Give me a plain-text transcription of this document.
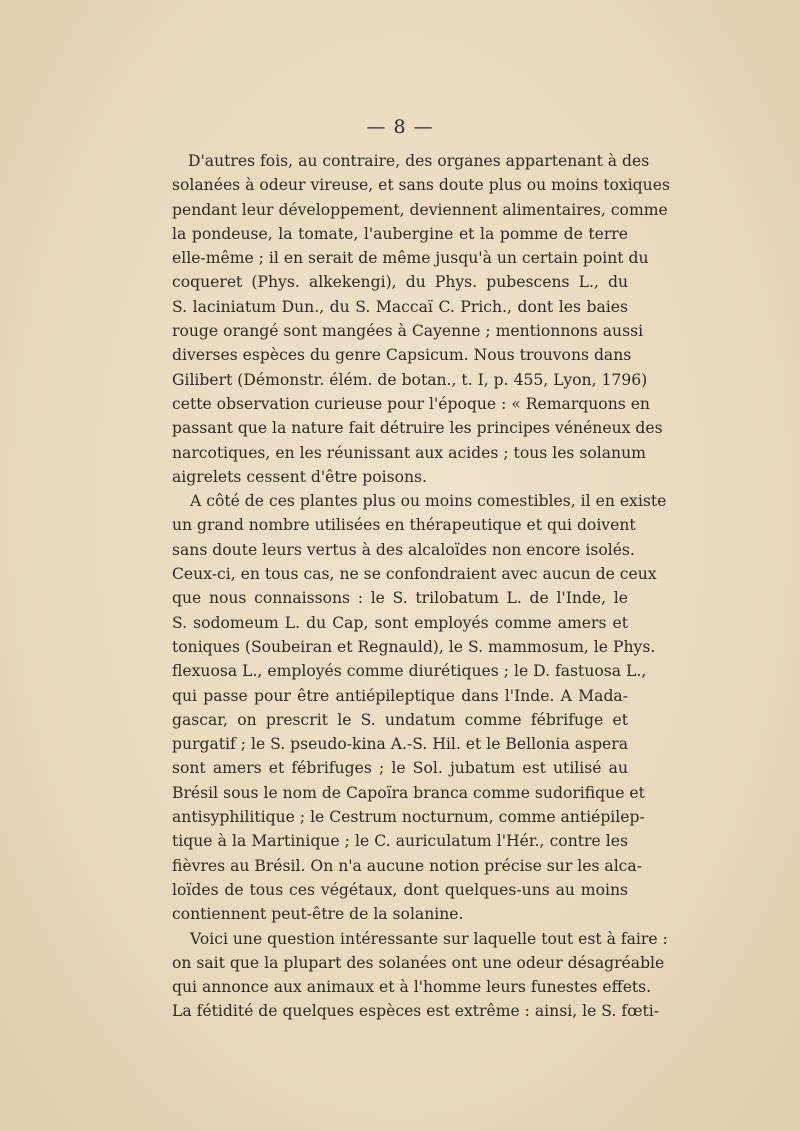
— 8 —
D'autres fois, au contraire, des organes appartenant à des
solanées à odeur vireuse, et sans doute plus ou moins toxiques
pendant leur développement, deviennent alimentaires, comme
la pondeuse, la tomate, l'aubergine et la pomme de terre
elle-même ; il en serait de même jusqu'à un certain point du
coqueret (Phys. alkekengi), du Phys. pubescens L., du
S. laciniatum Dun., du S. Maccaï C. Prich., dont les baies
rouge orangé sont mangées à Cayenne ; mentionnons aussi
diverses espèces du genre Capsicum. Nous trouvons dans
Gilibert (Démonstr. élém. de botan., t. I, p. 455, Lyon, 1796)
cette observation curieuse pour l'époque : « Remarquons en
passant que la nature fait détruire les principes vénéneux des
narcotiques, en les réunissant aux acides ; tous les solanum
aigrelets cessent d'être poisons.
A côté de ces plantes plus ou moins comestibles, il en existe
un grand nombre utilisées en thérapeutique et qui doivent
sans doute leurs vertus à des alcaloïdes non encore isolés.
Ceux-ci, en tous cas, ne se confondraient avec aucun de ceux
que nous connaissons : le S. trilobatum L. de l'Inde, le
S. sodomeum L. du Cap, sont employés comme amers et
toniques (Soubeiran et Regnauld), le S. mammosum, le Phys.
flexuosa L., employés comme diurétiques ; le D. fastuosa L.,
qui passe pour être antiépileptique dans l'Inde. A Mada-
gascar, on prescrit le S. undatum comme fébrifuge et
purgatif ; le S. pseudo-kina A.-S. Hil. et le Bellonia aspera
sont amers et fébrifuges ; le Sol. jubatum est utilisé au
Brésil sous le nom de Capoïra branca comme sudorifique et
antisyphilitique ; le Cestrum nocturnum, comme antiépilep-
tique à la Martinique ; le C. auriculatum l'Hér., contre les
fièvres au Brésil. On n'a aucune notion précise sur les alca-
loïdes de tous ces végétaux, dont quelques-uns au moins
contiennent peut-être de la solanine.
Voici une question intéressante sur laquelle tout est à faire :
on sait que la plupart des solanées ont une odeur désagréable
qui annonce aux animaux et à l'homme leurs funestes effets.
La fétidité de quelques espèces est extrême : ainsi, le S. fœti-
